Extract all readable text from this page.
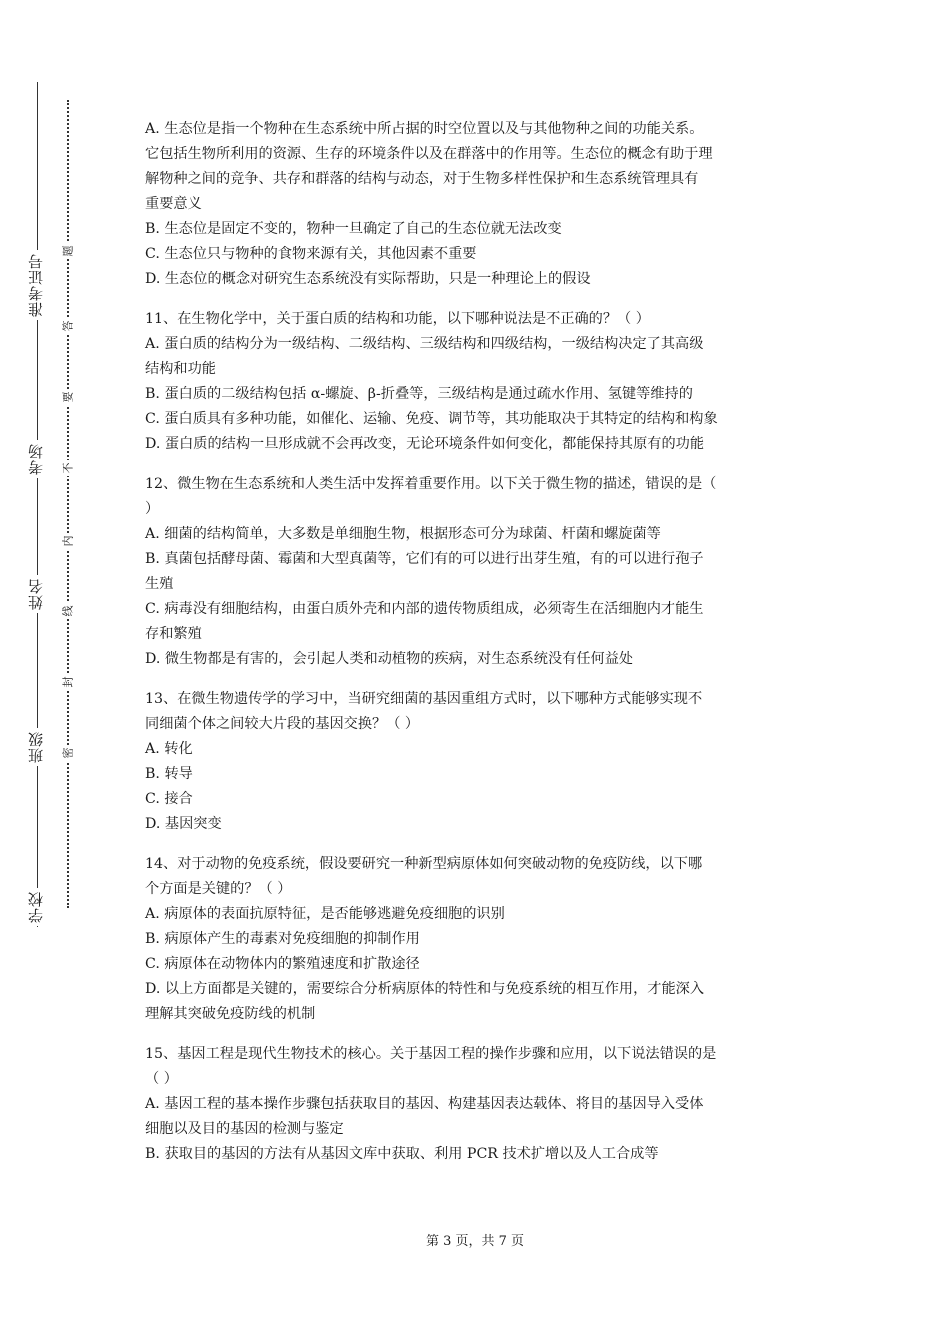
准考证号
考场
姓名
班级
学校
题
答
要
不
内
线
封
密
A. 生态位是指一个物种在生态系统中所占据的时空位置以及与其他物种之间的功能关系。
它包括生物所利用的资源、生存的环境条件以及在群落中的作用等。生态位的概念有助于理
解物种之间的竞争、共存和群落的结构与动态，对于生物多样性保护和生态系统管理具有
重要意义
B. 生态位是固定不变的，物种一旦确定了自己的生态位就无法改变
C. 生态位只与物种的食物来源有关，其他因素不重要
D. 生态位的概念对研究生态系统没有实际帮助，只是一种理论上的假设
11、在生物化学中，关于蛋白质的结构和功能，以下哪种说法是不正确的？（ ）
A. 蛋白质的结构分为一级结构、二级结构、三级结构和四级结构，一级结构决定了其高级
结构和功能
B. 蛋白质的二级结构包括 α-螺旋、β-折叠等，三级结构是通过疏水作用、氢键等维持的
C. 蛋白质具有多种功能，如催化、运输、免疫、调节等，其功能取决于其特定的结构和构象
D. 蛋白质的结构一旦形成就不会再改变，无论环境条件如何变化，都能保持其原有的功能
12、微生物在生态系统和人类生活中发挥着重要作用。以下关于微生物的描述，错误的是（
）
A. 细菌的结构简单，大多数是单细胞生物，根据形态可分为球菌、杆菌和螺旋菌等
B. 真菌包括酵母菌、霉菌和大型真菌等，它们有的可以进行出芽生殖，有的可以进行孢子
生殖
C. 病毒没有细胞结构，由蛋白质外壳和内部的遗传物质组成，必须寄生在活细胞内才能生
存和繁殖
D. 微生物都是有害的，会引起人类和动植物的疾病，对生态系统没有任何益处
13、在微生物遗传学的学习中，当研究细菌的基因重组方式时，以下哪种方式能够实现不
同细菌个体之间较大片段的基因交换？（ ）
A. 转化
B. 转导
C. 接合
D. 基因突变
14、对于动物的免疫系统，假设要研究一种新型病原体如何突破动物的免疫防线，以下哪
个方面是关键的？（ ）
A. 病原体的表面抗原特征，是否能够逃避免疫细胞的识别
B. 病原体产生的毒素对免疫细胞的抑制作用
C. 病原体在动物体内的繁殖速度和扩散途径
D. 以上方面都是关键的，需要综合分析病原体的特性和与免疫系统的相互作用，才能深入
理解其突破免疫防线的机制
15、基因工程是现代生物技术的核心。关于基因工程的操作步骤和应用，以下说法错误的是
（ ）
A. 基因工程的基本操作步骤包括获取目的基因、构建基因表达载体、将目的基因导入受体
细胞以及目的基因的检测与鉴定
B. 获取目的基因的方法有从基因文库中获取、利用 PCR 技术扩增以及人工合成等
第 3 页，共 7 页
